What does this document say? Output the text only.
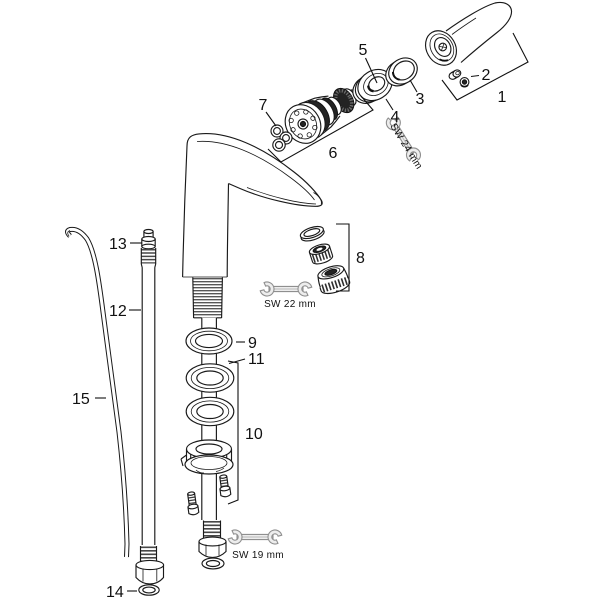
1
2
3
4
5
6
7
8
9
10
11
12
13
14
15
SW 22 mm
SW 19 mm
SW 24 mm
